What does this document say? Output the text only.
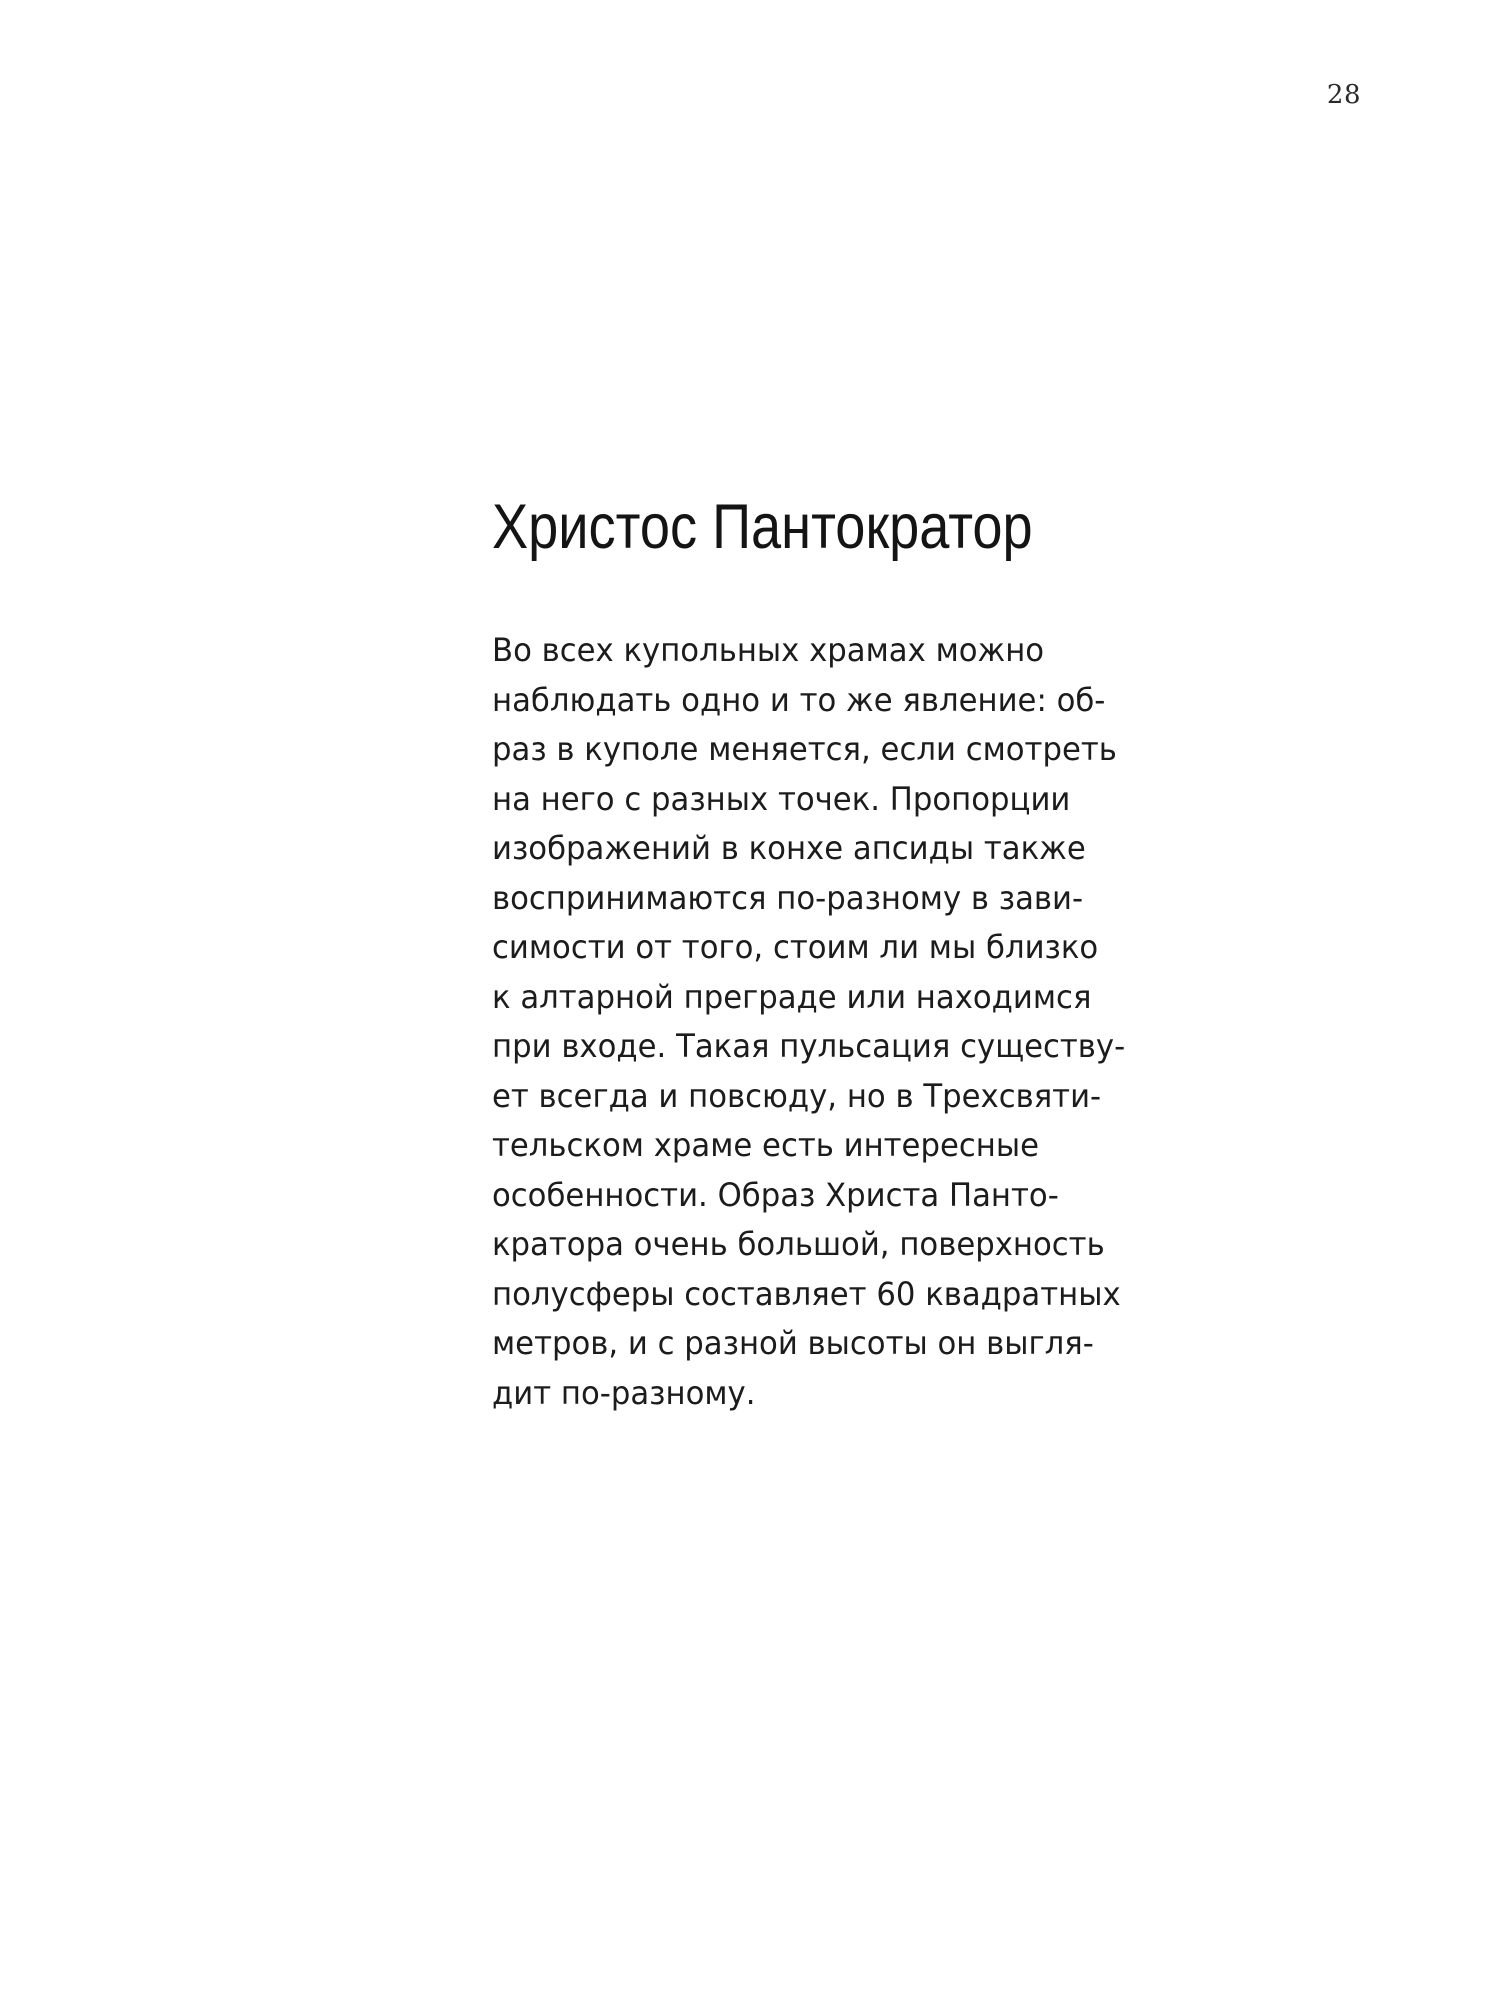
28
Христос Пантократор
Во всех купольных храмах можно
наблюдать одно и то же явление: об-
раз в куполе меняется, если смотреть
на него с разных точек. Пропорции
изображений в конхе апсиды также
воспринимаются по-разному в зави-
симости от того, стоим ли мы близко
к алтарной преграде или находимся
при входе. Такая пульсация существу-
ет всегда и повсюду, но в Трехсвяти-
тельском храме есть интересные
особенности. Образ Христа Панто-
кратора очень большой, поверхность
полусферы составляет 60 квадратных
метров, и с разной высоты он выгля-
дит по-разному.
